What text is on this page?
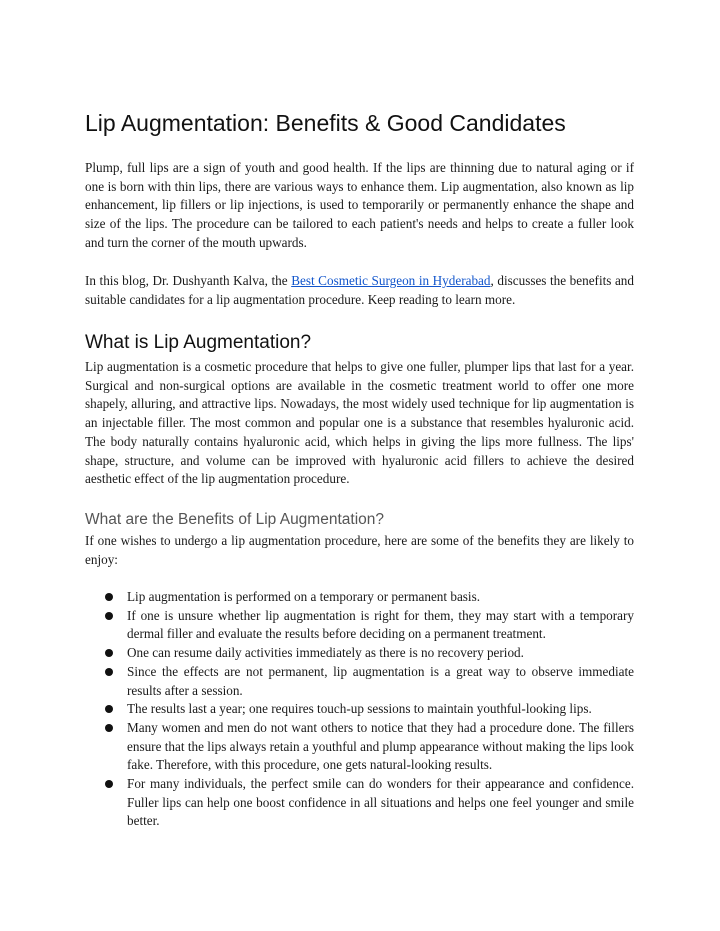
Lip Augmentation: Benefits & Good Candidates

Plump, full lips are a sign of youth and good health. If the lips are thinning due to natural aging or if one is born with thin lips, there are various ways to enhance them. Lip augmentation, also known as lip enhancement, lip fillers or lip injections, is used to temporarily or permanently enhance the shape and size of the lips. The procedure can be tailored to each patient's needs and helps to create a fuller look and turn the corner of the mouth upwards.

In this blog, Dr. Dushyanth Kalva, the Best Cosmetic Surgeon in Hyderabad, discusses the benefits and suitable candidates for a lip augmentation procedure. Keep reading to learn more.

What is Lip Augmentation?

Lip augmentation is a cosmetic procedure that helps to give one fuller, plumper lips that last for a year. Surgical and non-surgical options are available in the cosmetic treatment world to offer one more shapely, alluring, and attractive lips. Nowadays, the most widely used technique for lip augmentation is an injectable filler. The most common and popular one is a substance that resembles hyaluronic acid. The body naturally contains hyaluronic acid, which helps in giving the lips more fullness. The lips' shape, structure, and volume can be improved with hyaluronic acid fillers to achieve the desired aesthetic effect of the lip augmentation procedure.

What are the Benefits of Lip Augmentation?

If one wishes to undergo a lip augmentation procedure, here are some of the benefits they are likely to enjoy:

Lip augmentation is performed on a temporary or permanent basis.
If one is unsure whether lip augmentation is right for them, they may start with a temporary dermal filler and evaluate the results before deciding on a permanent treatment.
One can resume daily activities immediately as there is no recovery period.
Since the effects are not permanent, lip augmentation is a great way to observe immediate results after a session.
The results last a year; one requires touch-up sessions to maintain youthful-looking lips.
Many women and men do not want others to notice that they had a procedure done. The fillers ensure that the lips always retain a youthful and plump appearance without making the lips look fake. Therefore, with this procedure, one gets natural-looking results.
For many individuals, the perfect smile can do wonders for their appearance and confidence. Fuller lips can help one boost confidence in all situations and helps one feel younger and smile better.
